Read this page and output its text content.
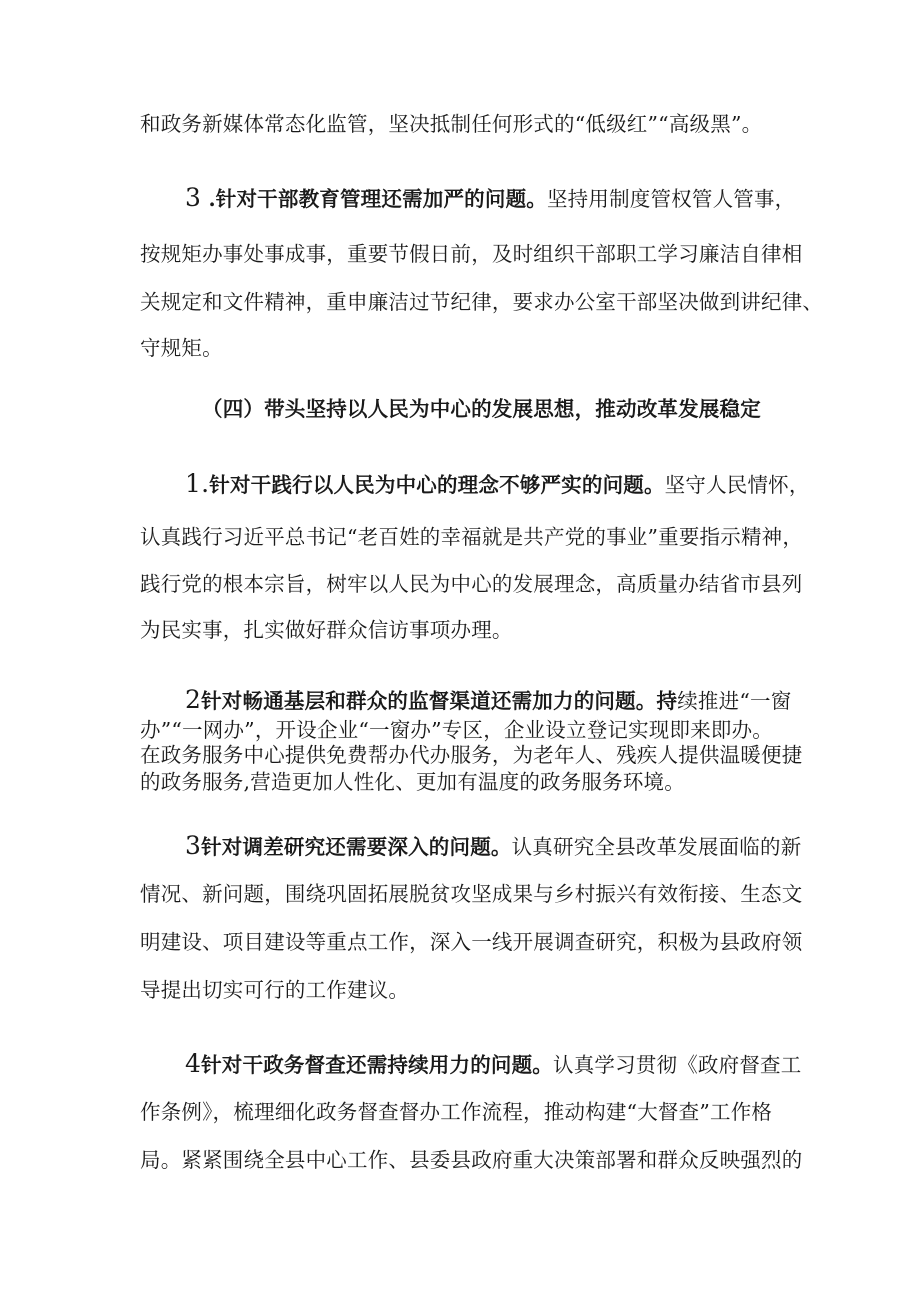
和政务新媒体常态化监管，坚决抵制任何形式的“低级红”“高级黑”。
3 .针对干部教育管理还需加严的问题。坚持用制度管权管人管事，
按规矩办事处事成事，重要节假日前，及时组织干部职工学习廉洁自律相
关规定和文件精神，重申廉洁过节纪律，要求办公室干部坚决做到讲纪律、
守规矩。
（四）带头坚持以人民为中心的发展思想，推动改革发展稳定
1.针对干践行以人民为中心的理念不够严实的问题。坚守人民情怀，
认真践行习近平总书记“老百姓的幸福就是共产党的事业”重要指示精神，
践行党的根本宗旨，树牢以人民为中心的发展理念，高质量办结省市县列
为民实事，扎实做好群众信访事项办理。
2针对畅通基层和群众的监督渠道还需加力的问题。持续推进“一窗
办”“一网办”，开设企业“一窗办”专区，企业设立登记实现即来即办。
在政务服务中心提供免费帮办代办服务，为老年人、残疾人提供温暖便捷
的政务服务,营造更加人性化、更加有温度的政务服务环境。
3针对调差研究还需要深入的问题。认真研究全县改革发展面临的新
情况、新问题，围绕巩固拓展脱贫攻坚成果与乡村振兴有效衔接、生态文
明建设、项目建设等重点工作，深入一线开展调查研究，积极为县政府领
导提出切实可行的工作建议。
4针对干政务督查还需持续用力的问题。认真学习贯彻《政府督查工
作条例》，梳理细化政务督查督办工作流程，推动构建“大督查”工作格
局。紧紧围绕全县中心工作、县委县政府重大决策部署和群众反映强烈的
